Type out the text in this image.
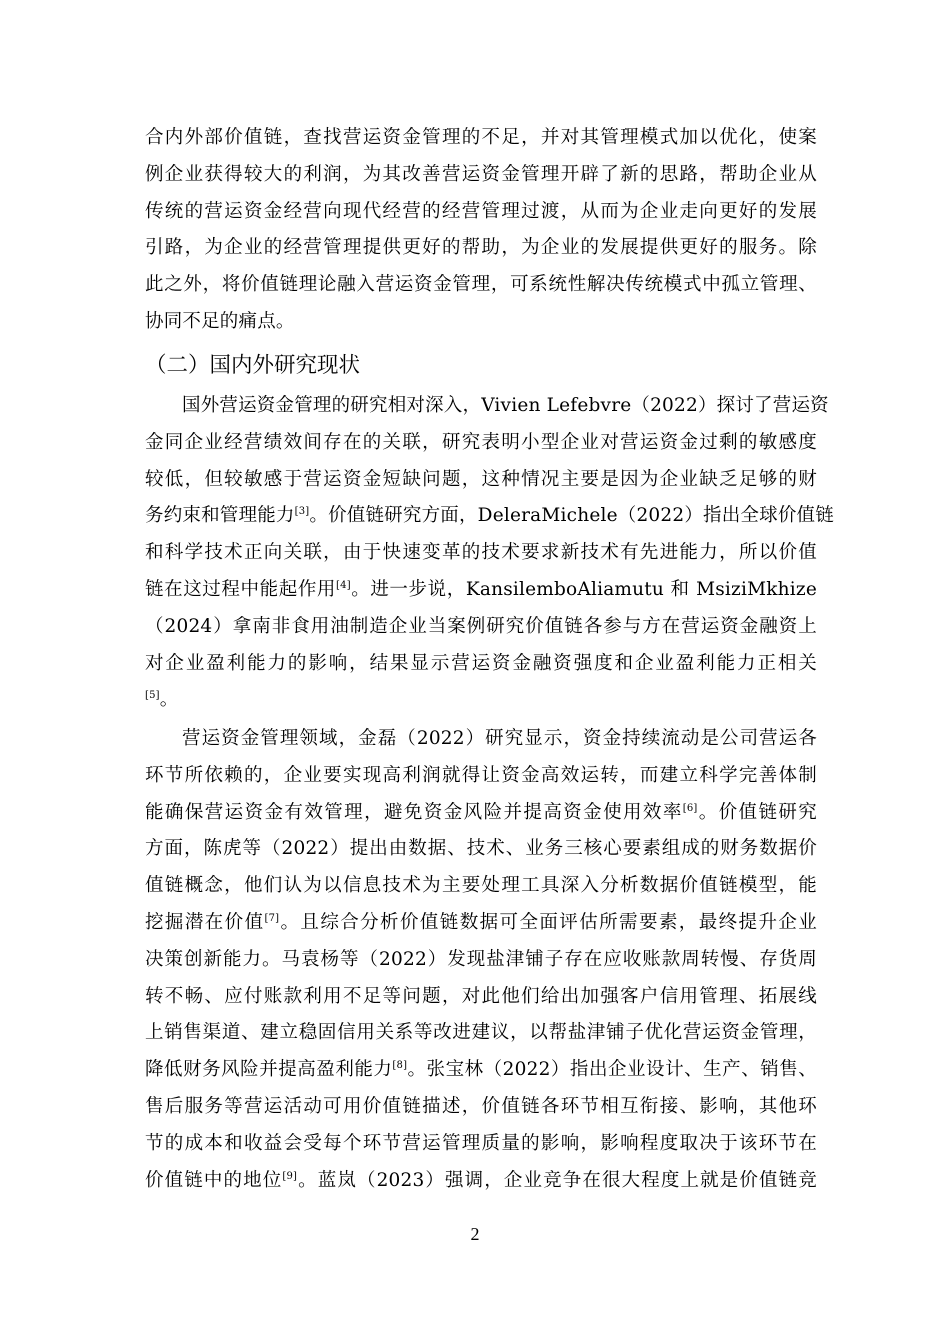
合内外部价值链，查找营运资金管理的不足，并对其管理模式加以优化，使案
例企业获得较大的利润，为其改善营运资金管理开辟了新的思路，帮助企业从
传统的营运资金经营向现代经营的经营管理过渡，从而为企业走向更好的发展
引路，为企业的经营管理提供更好的帮助，为企业的发展提供更好的服务。除
此之外，将价值链理论融入营运资金管理，可系统性解决传统模式中孤立管理、
协同不足的痛点。
（二）国内外研究现状
国外营运资金管理的研究相对深入，Vivien Lefebvre（2022）探讨了营运资
金同企业经营绩效间存在的关联，研究表明小型企业对营运资金过剩的敏感度
较低，但较敏感于营运资金短缺问题，这种情况主要是因为企业缺乏足够的财
务约束和管理能力[3]。价值链研究方面，DeleraMichele（2022）指出全球价值链
和科学技术正向关联，由于快速变革的技术要求新技术有先进能力，所以价值
链在这过程中能起作用[4]。进一步说，KansilemboAliamutu 和 MsiziMkhize
（2024）拿南非食用油制造企业当案例研究价值链各参与方在营运资金融资上
对企业盈利能力的影响，结果显示营运资金融资强度和企业盈利能力正相关
[5]。
营运资金管理领域，金磊（2022）研究显示，资金持续流动是公司营运各
环节所依赖的，企业要实现高利润就得让资金高效运转，而建立科学完善体制
能确保营运资金有效管理，避免资金风险并提高资金使用效率[6]。价值链研究
方面，陈虎等（2022）提出由数据、技术、业务三核心要素组成的财务数据价
值链概念，他们认为以信息技术为主要处理工具深入分析数据价值链模型，能
挖掘潜在价值[7]。且综合分析价值链数据可全面评估所需要素，最终提升企业
决策创新能力。马袁杨等（2022）发现盐津铺子存在应收账款周转慢、存货周
转不畅、应付账款利用不足等问题，对此他们给出加强客户信用管理、拓展线
上销售渠道、建立稳固信用关系等改进建议，以帮盐津铺子优化营运资金管理，
降低财务风险并提高盈利能力[8]。张宝林（2022）指出企业设计、生产、销售、
售后服务等营运活动可用价值链描述，价值链各环节相互衔接、影响，其他环
节的成本和收益会受每个环节营运管理质量的影响，影响程度取决于该环节在
价值链中的地位[9]。蓝岚（2023）强调，企业竞争在很大程度上就是价值链竞
2
